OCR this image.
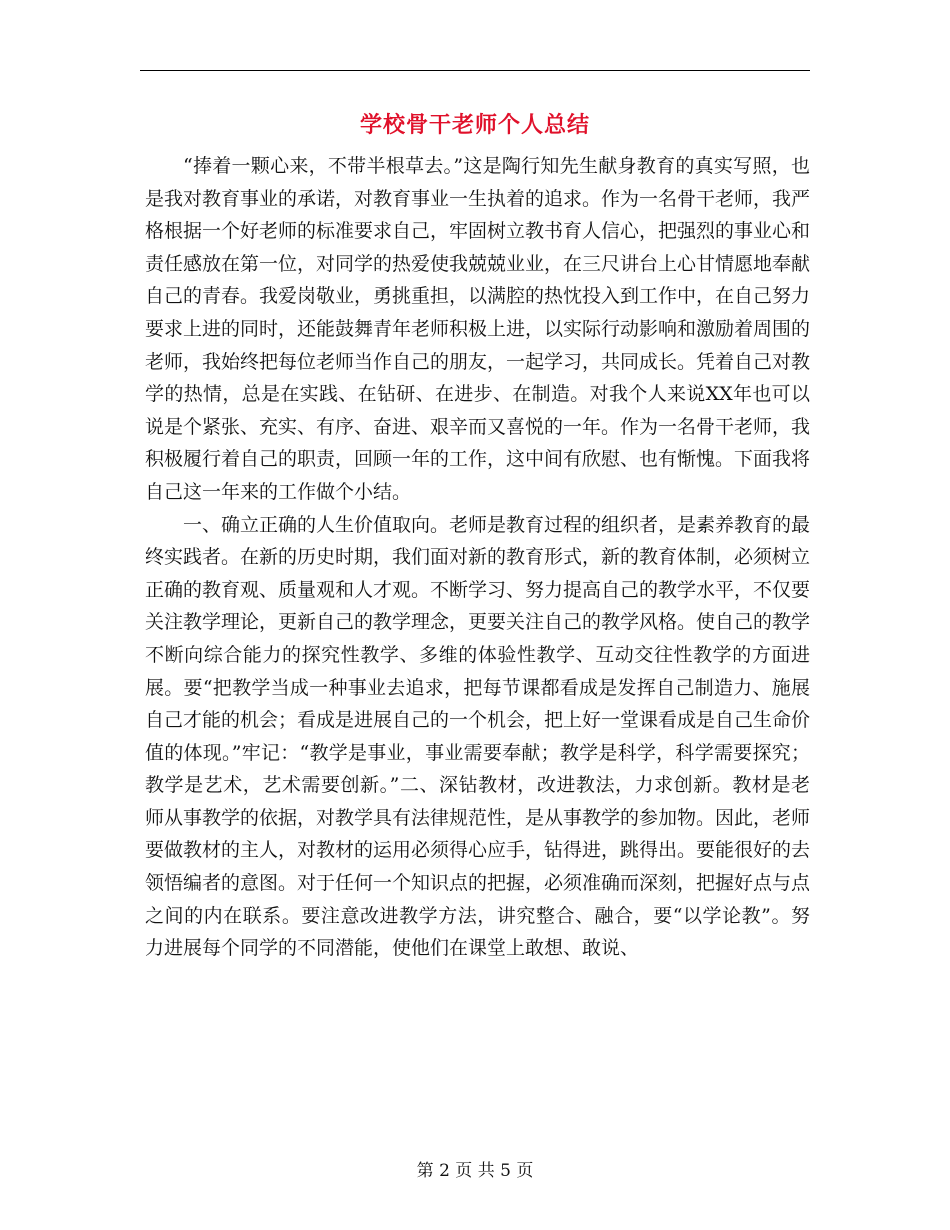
学校骨干老师个人总结

“捧着一颗心来，不带半根草去。”这是陶行知先生献身教育的真实写照，也是我对教育事业的承诺，对教育事业一生执着的追求。作为一名骨干老师，我严格根据一个好老师的标准要求自己，牢固树立教书育人信心，把强烈的事业心和责任感放在第一位，对同学的热爱使我兢兢业业，在三尺讲台上心甘情愿地奉献自己的青春。我爱岗敬业，勇挑重担，以满腔的热忱投入到工作中，在自己努力要求上进的同时，还能鼓舞青年老师积极上进，以实际行动影响和激励着周围的老师，我始终把每位老师当作自己的朋友，一起学习，共同成长。凭着自己对教学的热情，总是在实践、在钻研、在进步、在制造。对我个人来说XX年也可以说是个紧张、充实、有序、奋进、艰辛而又喜悦的一年。作为一名骨干老师，我积极履行着自己的职责，回顾一年的工作，这中间有欣慰、也有惭愧。下面我将自己这一年来的工作做个小结。

一、确立正确的人生价值取向。老师是教育过程的组织者，是素养教育的最终实践者。在新的历史时期，我们面对新的教育形式，新的教育体制，必须树立正确的教育观、质量观和人才观。不断学习、努力提高自己的教学水平，不仅要关注教学理论，更新自己的教学理念，更要关注自己的教学风格。使自己的教学不断向综合能力的探究性教学、多维的体验性教学、互动交往性教学的方面进展。要“把教学当成一种事业去追求，把每节课都看成是发挥自己制造力、施展自己才能的机会；看成是进展自己的一个机会，把上好一堂课看成是自己生命价值的体现。”牢记：“教学是事业，事业需要奉献；教学是科学，科学需要探究；教学是艺术，艺术需要创新。”二、深钻教材，改进教法，力求创新。教材是老师从事教学的依据，对教学具有法律规范性，是从事教学的参加物。因此，老师要做教材的主人，对教材的运用必须得心应手，钻得进，跳得出。要能很好的去领悟编者的意图。对于任何一个知识点的把握，必须准确而深刻，把握好点与点之间的内在联系。要注意改进教学方法，讲究整合、融合，要“以学论教”。努力进展每个同学的不同潜能，使他们在课堂上敢想、敢说、

第 2 页 共 5 页
